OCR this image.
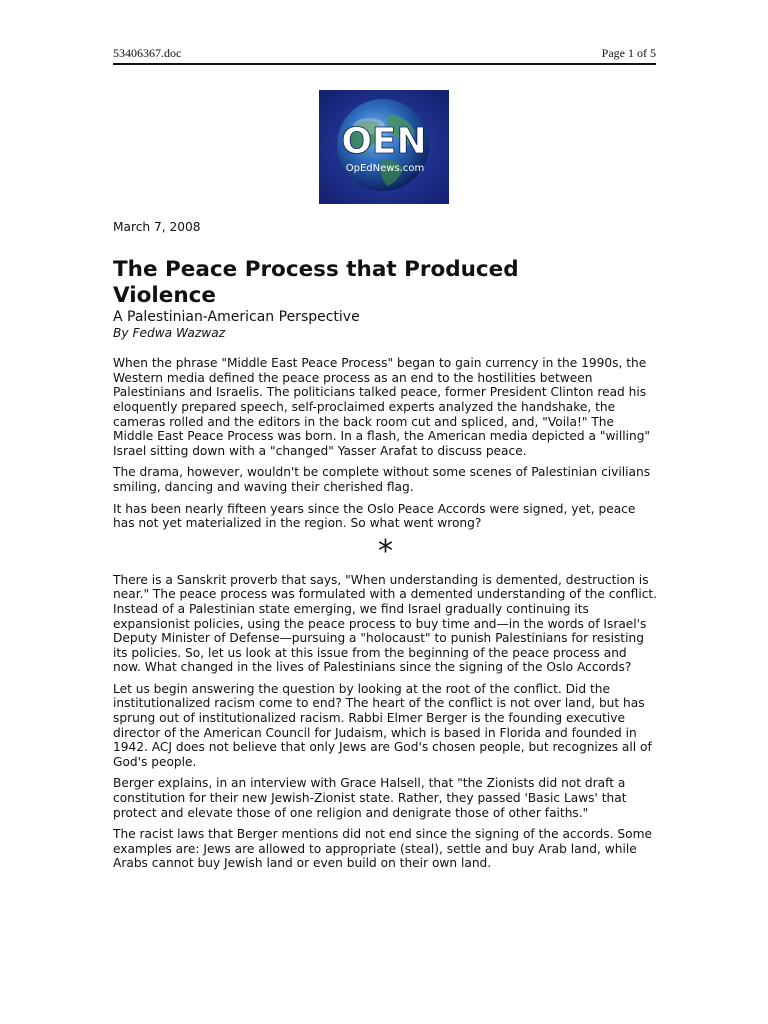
53406367.doc	Page 1 of 5
OEN
OpEdNews.com
March 7, 2008
The Peace Process that Produced
Violence
A Palestinian-American Perspective
By Fedwa Wazwaz

When the phrase "Middle East Peace Process" began to gain currency in the 1990s, the Western media defined the peace process as an end to the hostilities between Palestinians and Israelis. The politicians talked peace, former President Clinton read his eloquently prepared speech, self-proclaimed experts analyzed the handshake, the cameras rolled and the editors in the back room cut and spliced, and, "Voila!" The Middle East Peace Process was born. In a flash, the American media depicted a "willing" Israel sitting down with a "changed" Yasser Arafat to discuss peace.

The drama, however, wouldn't be complete without some scenes of Palestinian civilians smiling, dancing and waving their cherished flag.

It has been nearly fifteen years since the Oslo Peace Accords were signed, yet, peace has not yet materialized in the region. So what went wrong?

*

There is a Sanskrit proverb that says, "When understanding is demented, destruction is near." The peace process was formulated with a demented understanding of the conflict. Instead of a Palestinian state emerging, we find Israel gradually continuing its expansionist policies, using the peace process to buy time and—in the words of Israel's Deputy Minister of Defense—pursuing a "holocaust" to punish Palestinians for resisting its policies. So, let us look at this issue from the beginning of the peace process and now. What changed in the lives of Palestinians since the signing of the Oslo Accords?

Let us begin answering the question by looking at the root of the conflict. Did the institutionalized racism come to end? The heart of the conflict is not over land, but has sprung out of institutionalized racism. Rabbi Elmer Berger is the founding executive director of the American Council for Judaism, which is based in Florida and founded in 1942. ACJ does not believe that only Jews are God's chosen people, but recognizes all of God's people.

Berger explains, in an interview with Grace Halsell, that "the Zionists did not draft a constitution for their new Jewish-Zionist state. Rather, they passed 'Basic Laws' that protect and elevate those of one religion and denigrate those of other faiths."

The racist laws that Berger mentions did not end since the signing of the accords. Some examples are: Jews are allowed to appropriate (steal), settle and buy Arab land, while Arabs cannot buy Jewish land or even build on their own land.
